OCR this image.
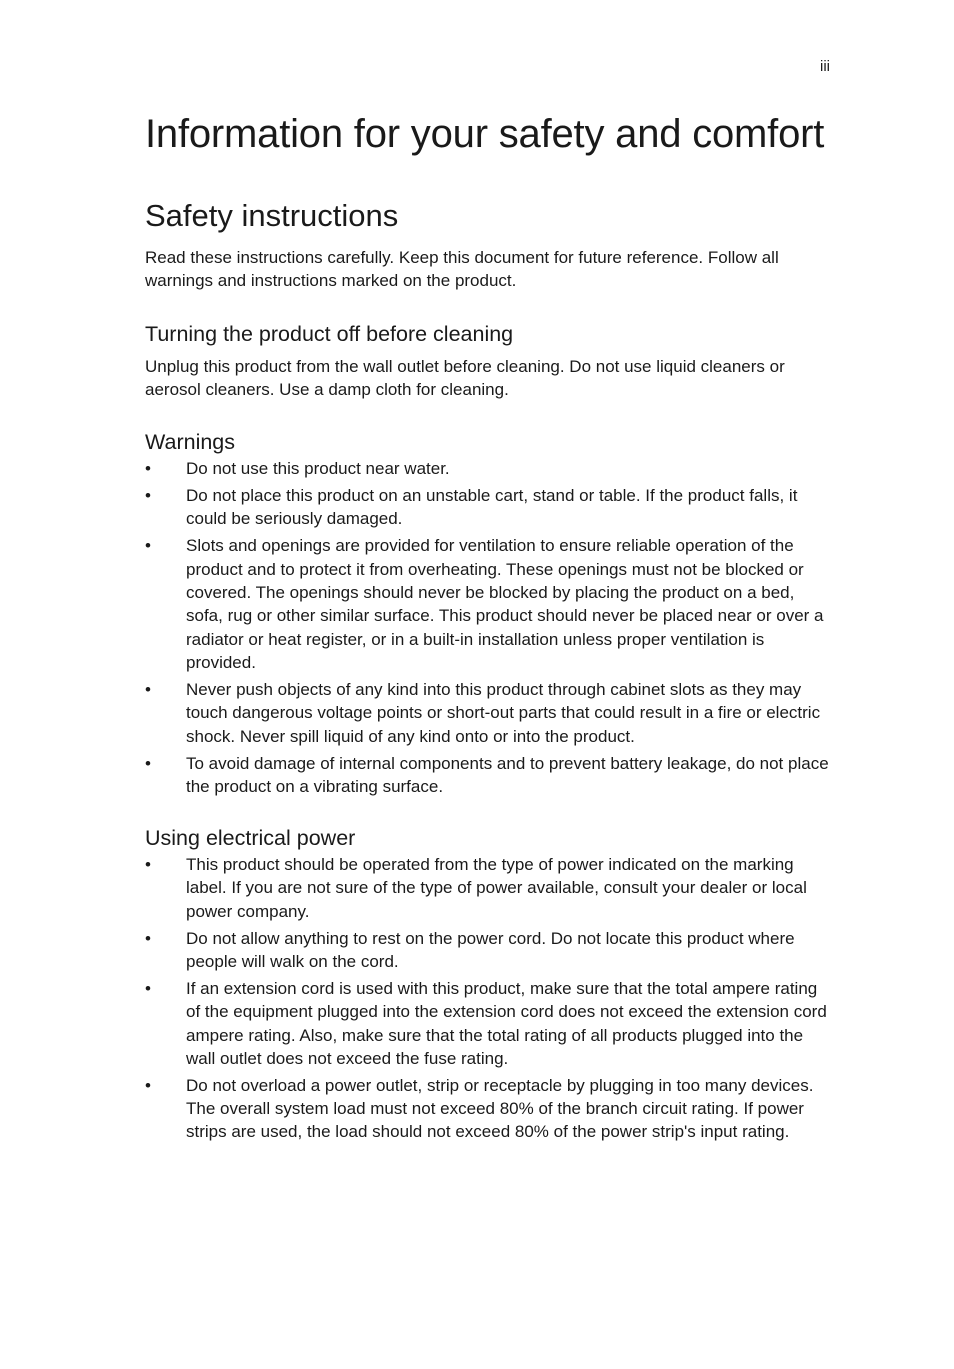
iii
Information for your safety and comfort
Safety instructions

Read these instructions carefully. Keep this document for future reference. Follow all warnings and instructions marked on the product.

Turning the product off before cleaning

Unplug this product from the wall outlet before cleaning. Do not use liquid cleaners or aerosol cleaners. Use a damp cloth for cleaning.

Warnings
• Do not use this product near water.
• Do not place this product on an unstable cart, stand or table. If the product falls, it could be seriously damaged.
• Slots and openings are provided for ventilation to ensure reliable operation of the product and to protect it from overheating. These openings must not be blocked or covered. The openings should never be blocked by placing the product on a bed, sofa, rug or other similar surface. This product should never be placed near or over a radiator or heat register, or in a built-in installation unless proper ventilation is provided.
• Never push objects of any kind into this product through cabinet slots as they may touch dangerous voltage points or short-out parts that could result in a fire or electric shock. Never spill liquid of any kind onto or into the product.
• To avoid damage of internal components and to prevent battery leakage, do not place the product on a vibrating surface.
Using electrical power
• This product should be operated from the type of power indicated on the marking label. If you are not sure of the type of power available, consult your dealer or local power company.
• Do not allow anything to rest on the power cord. Do not locate this product where people will walk on the cord.
• If an extension cord is used with this product, make sure that the total ampere rating of the equipment plugged into the extension cord does not exceed the extension cord ampere rating. Also, make sure that the total rating of all products plugged into the wall outlet does not exceed the fuse rating.
• Do not overload a power outlet, strip or receptacle by plugging in too many devices. The overall system load must not exceed 80% of the branch circuit rating. If power strips are used, the load should not exceed 80% of the power strip's input rating.
